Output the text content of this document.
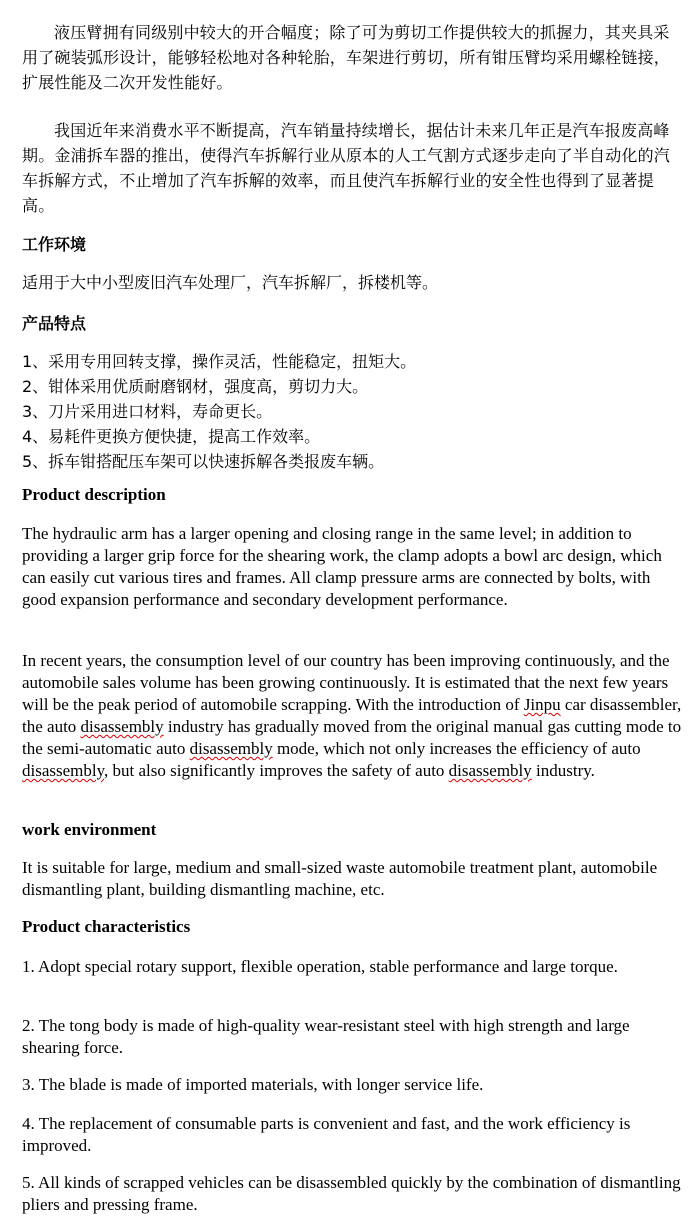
液压臂拥有同级别中较大的开合幅度；除了可为剪切工作提供较大的抓握力，其夹具采用了碗装弧形设计，能够轻松地对各种轮胎，车架进行剪切，所有钳压臂均采用螺栓链接，扩展性能及二次开发性能好。

我国近年来消费水平不断提高，汽车销量持续增长，据估计未来几年正是汽车报废高峰期。金浦拆车器的推出，使得汽车拆解行业从原本的人工气割方式逐步走向了半自动化的汽车拆解方式，不止增加了汽车拆解的效率，而且使汽车拆解行业的安全性也得到了显著提高。

工作环境

适用于大中小型废旧汽车处理厂，汽车拆解厂，拆楼机等。

产品特点

1、采用专用回转支撑，操作灵活，性能稳定，扭矩大。

2、钳体采用优质耐磨钢材，强度高，剪切力大。

3、刀片采用进口材料，寿命更长。

4、易耗件更换方便快捷，提高工作效率。

5、拆车钳搭配压车架可以快速拆解各类报废车辆。

Product description

The hydraulic arm has a larger opening and closing range in the same level; in addition to providing a larger grip force for the shearing work, the clamp adopts a bowl arc design, which can easily cut various tires and frames. All clamp pressure arms are connected by bolts, with good expansion performance and secondary development performance.

In recent years, the consumption level of our country has been improving continuously, and the automobile sales volume has been growing continuously. It is estimated that the next few years will be the peak period of automobile scrapping. With the introduction of Jinpu car disassembler, the auto disassembly industry has gradually moved from the original manual gas cutting mode to the semi-automatic auto disassembly mode, which not only increases the efficiency of auto disassembly, but also significantly improves the safety of auto disassembly industry.

work environment

It is suitable for large, medium and small-sized waste automobile treatment plant, automobile dismantling plant, building dismantling machine, etc.

Product characteristics

1. Adopt special rotary support, flexible operation, stable performance and large torque.

2. The tong body is made of high-quality wear-resistant steel with high strength and large shearing force.

3. The blade is made of imported materials, with longer service life.

4. The replacement of consumable parts is convenient and fast, and the work efficiency is improved.

5. All kinds of scrapped vehicles can be disassembled quickly by the combination of dismantling pliers and pressing frame.
